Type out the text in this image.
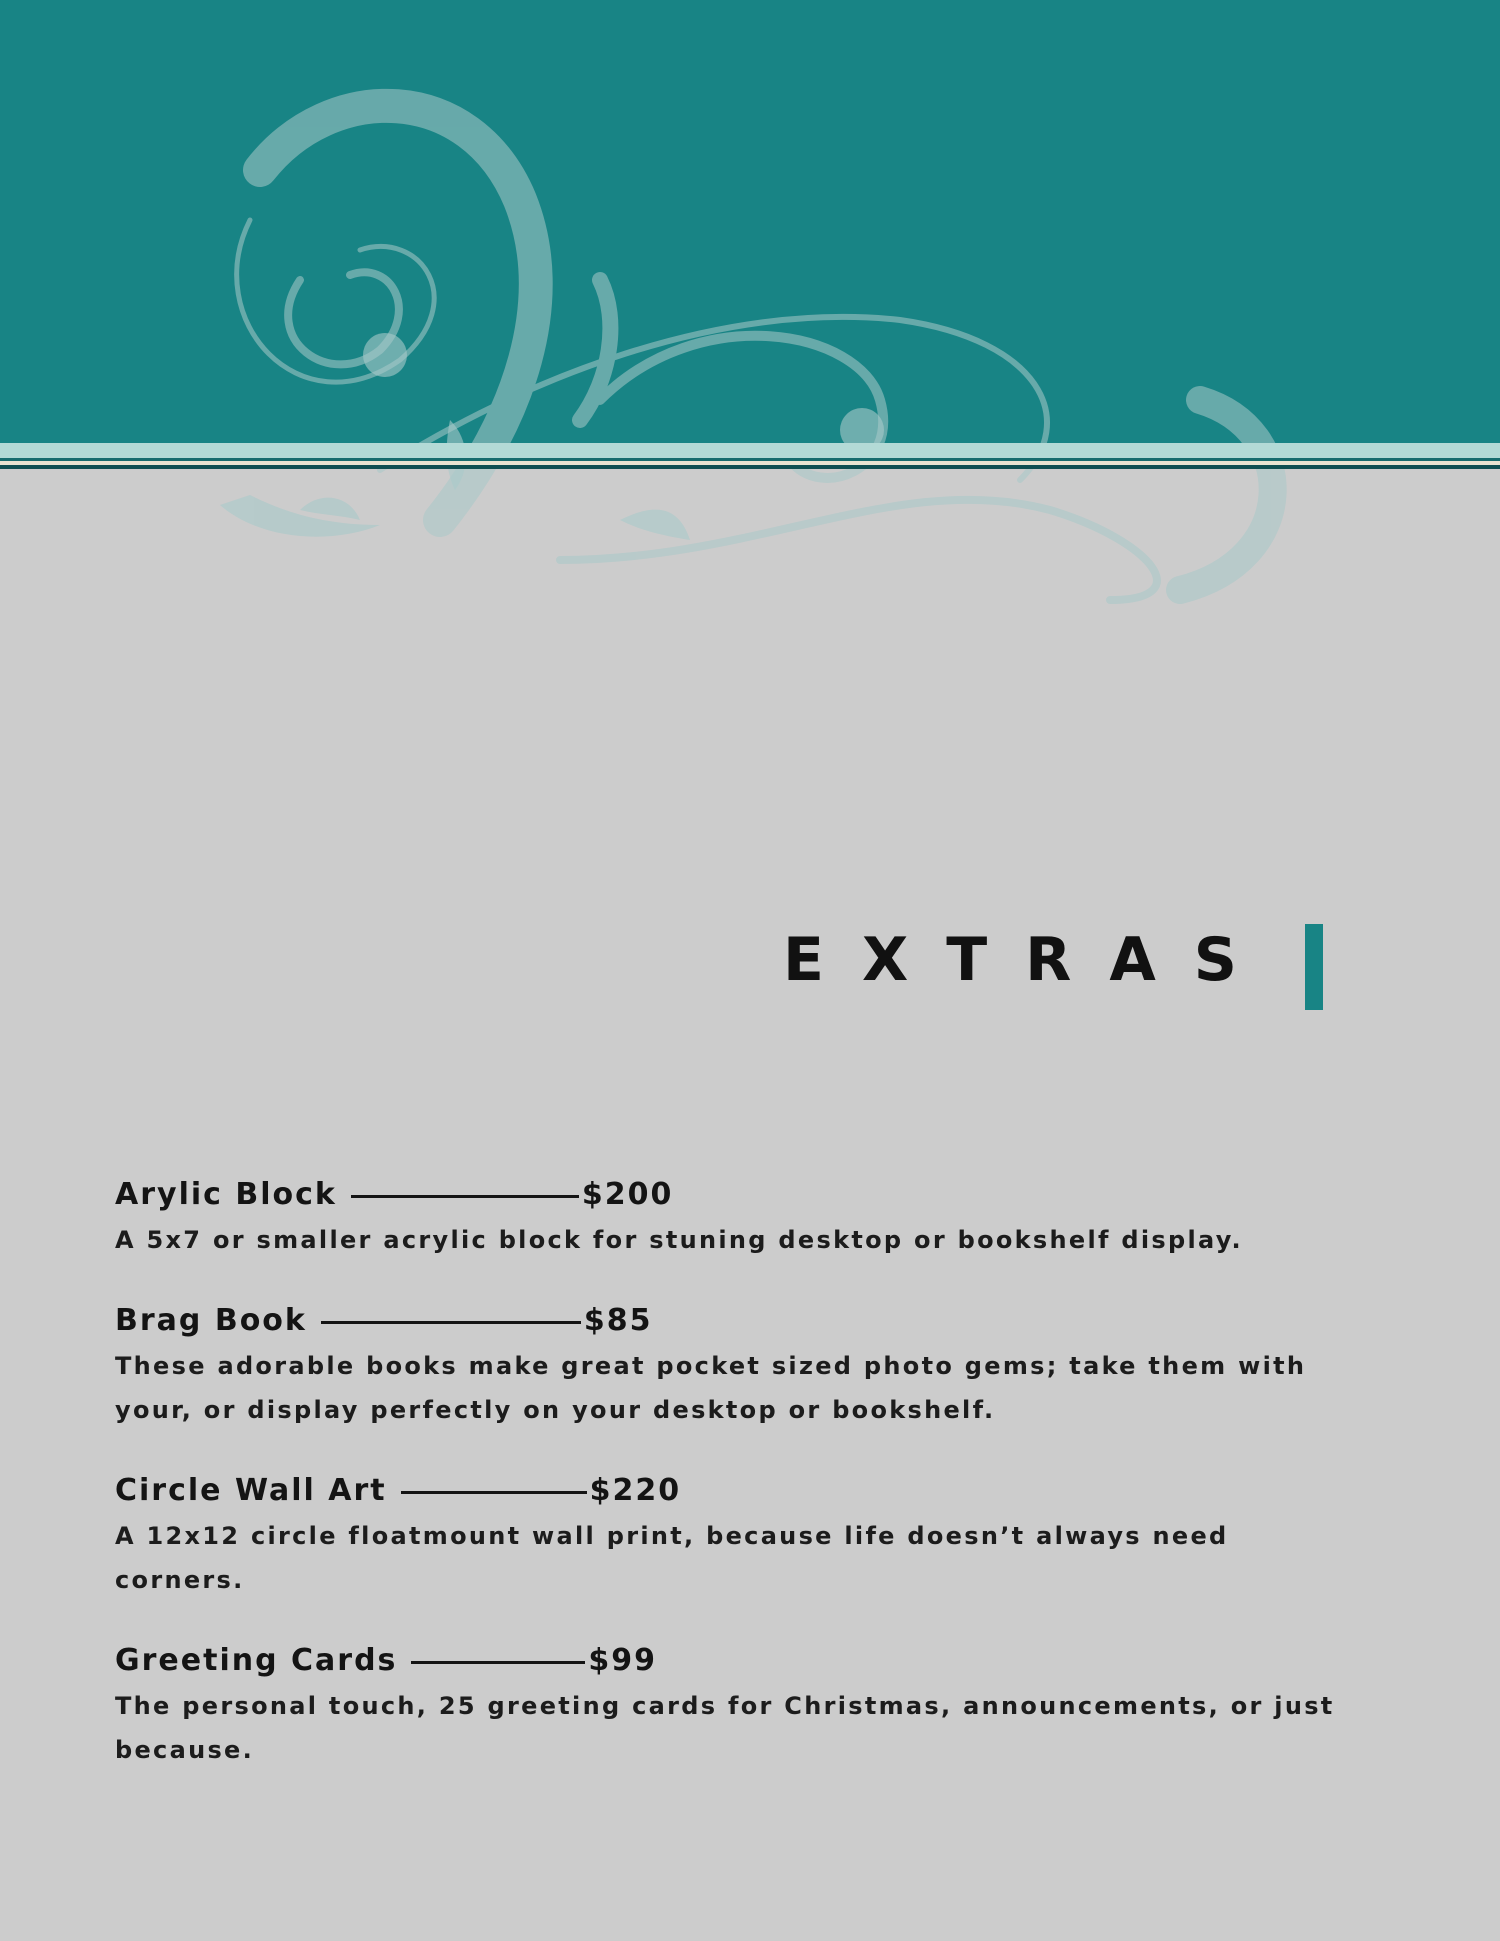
EXTRAS
Arylic Block	$200
A 5x7 or smaller acrylic block for stuning desktop or bookshelf display.
Brag Book	$85
These adorable books make great pocket sized photo gems; take them with your, or display perfectly on your desktop or bookshelf.
Circle Wall Art	$220
A 12x12 circle floatmount wall print, because life doesn’t always need corners.
Greeting Cards	$99
The personal touch, 25 greeting cards for Christmas, announcements, or just because.
